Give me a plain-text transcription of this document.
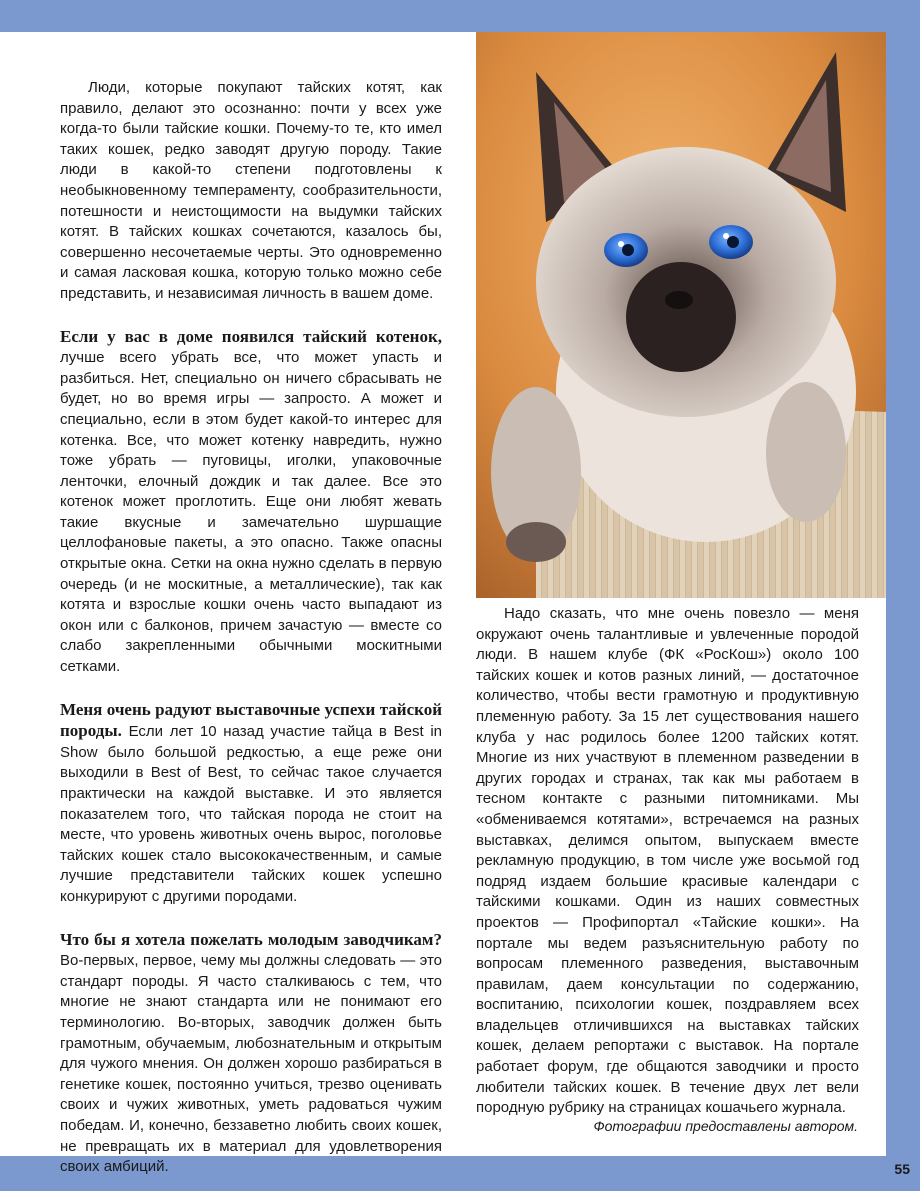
Люди, которые покупают тайских котят, как правило, делают это осознанно: почти у всех уже когда-то были тайские кошки. Почему-то те, кто имел таких кошек, редко заводят другую породу. Такие люди в какой-то степени подготовлены к необыкновенному темпераменту, сообразительности, потешности и неистощимости на выдумки тайских котят. В тайских кошках сочетаются, казалось бы, совершенно несочетаемые черты. Это одновременно и самая ласковая кошка, которую только можно себе представить, и независимая личность в вашем доме.

Если у вас в доме появился тайский котенок, лучше всего убрать все, что может упасть и разбиться. Нет, специально он ничего сбрасывать не будет, но во время игры — запросто. А может и специально, если в этом будет какой-то интерес для котенка. Все, что может котенку навредить, нужно тоже убрать — пуговицы, иголки, упаковочные ленточки, елочный дождик и так далее. Все это котенок может проглотить. Еще они любят жевать такие вкусные и замечательно шуршащие целлофановые пакеты, а это опасно. Также опасны открытые окна. Сетки на окна нужно сделать в первую очередь (и не москитные, а металлические), так как котята и взрослые кошки очень часто выпадают из окон или с балконов, причем зачастую — вместе со слабо закрепленными обычными москитными сетками.

Меня очень радуют выставочные успехи тайской породы. Если лет 10 назад участие тайца в Best in Show было большой редкостью, а еще реже они выходили в Best of Best, то сейчас такое случается практически на каждой выставке. И это является показателем того, что тайская порода не стоит на месте, что уровень животных очень вырос, поголовье тайских кошек стало высококачественным, и самые лучшие представители тайских кошек успешно конкурируют с другими породами.

Что бы я хотела пожелать молодым заводчикам? Во-первых, первое, чему мы должны следовать — это стандарт породы. Я часто сталкиваюсь с тем, что многие не знают стандарта или не понимают его терминологию. Во-вторых, заводчик должен быть грамотным, обучаемым, любознательным и открытым для чужого мнения. Он должен хорошо разбираться в генетике кошек, постоянно учиться, трезво оценивать своих и чужих животных, уметь радоваться чужим победам. И, конечно, беззаветно любить своих кошек, не превращать их в материал для удовлетворения своих амбиций.

Надо сказать, что мне очень повезло — меня окружают очень талантливые и увлеченные породой люди. В нашем клубе (ФК «РосКош») около 100 тайских кошек и котов разных линий, — достаточное количество, чтобы вести грамотную и продуктивную племенную работу. За 15 лет существования нашего клуба у нас родилось более 1200 тайских котят. Многие из них участвуют в племенном разведении в других городах и странах, так как мы работаем в тесном контакте с разными питомниками. Мы «обмениваемся котятами», встречаемся на разных выставках, делимся опытом, выпускаем вместе рекламную продукцию, в том числе уже восьмой год подряд издаем большие красивые календари с тайскими кошками. Один из наших совместных проектов — Профипортал «Тайские кошки». На портале мы ведем разъяснительную работу по вопросам племенного разведения, выставочным правилам, даем консультации по содержанию, воспитанию, психологии кошек, поздравляем всех владельцев отличившихся на выставках тайских кошек, делаем репортажи с выставок. На портале работает форум, где общаются заводчики и просто любители тайских кошек. В течение двух лет вели породную рубрику на страницах кошачьего журнала.

Фотографии предоставлены автором.
55
